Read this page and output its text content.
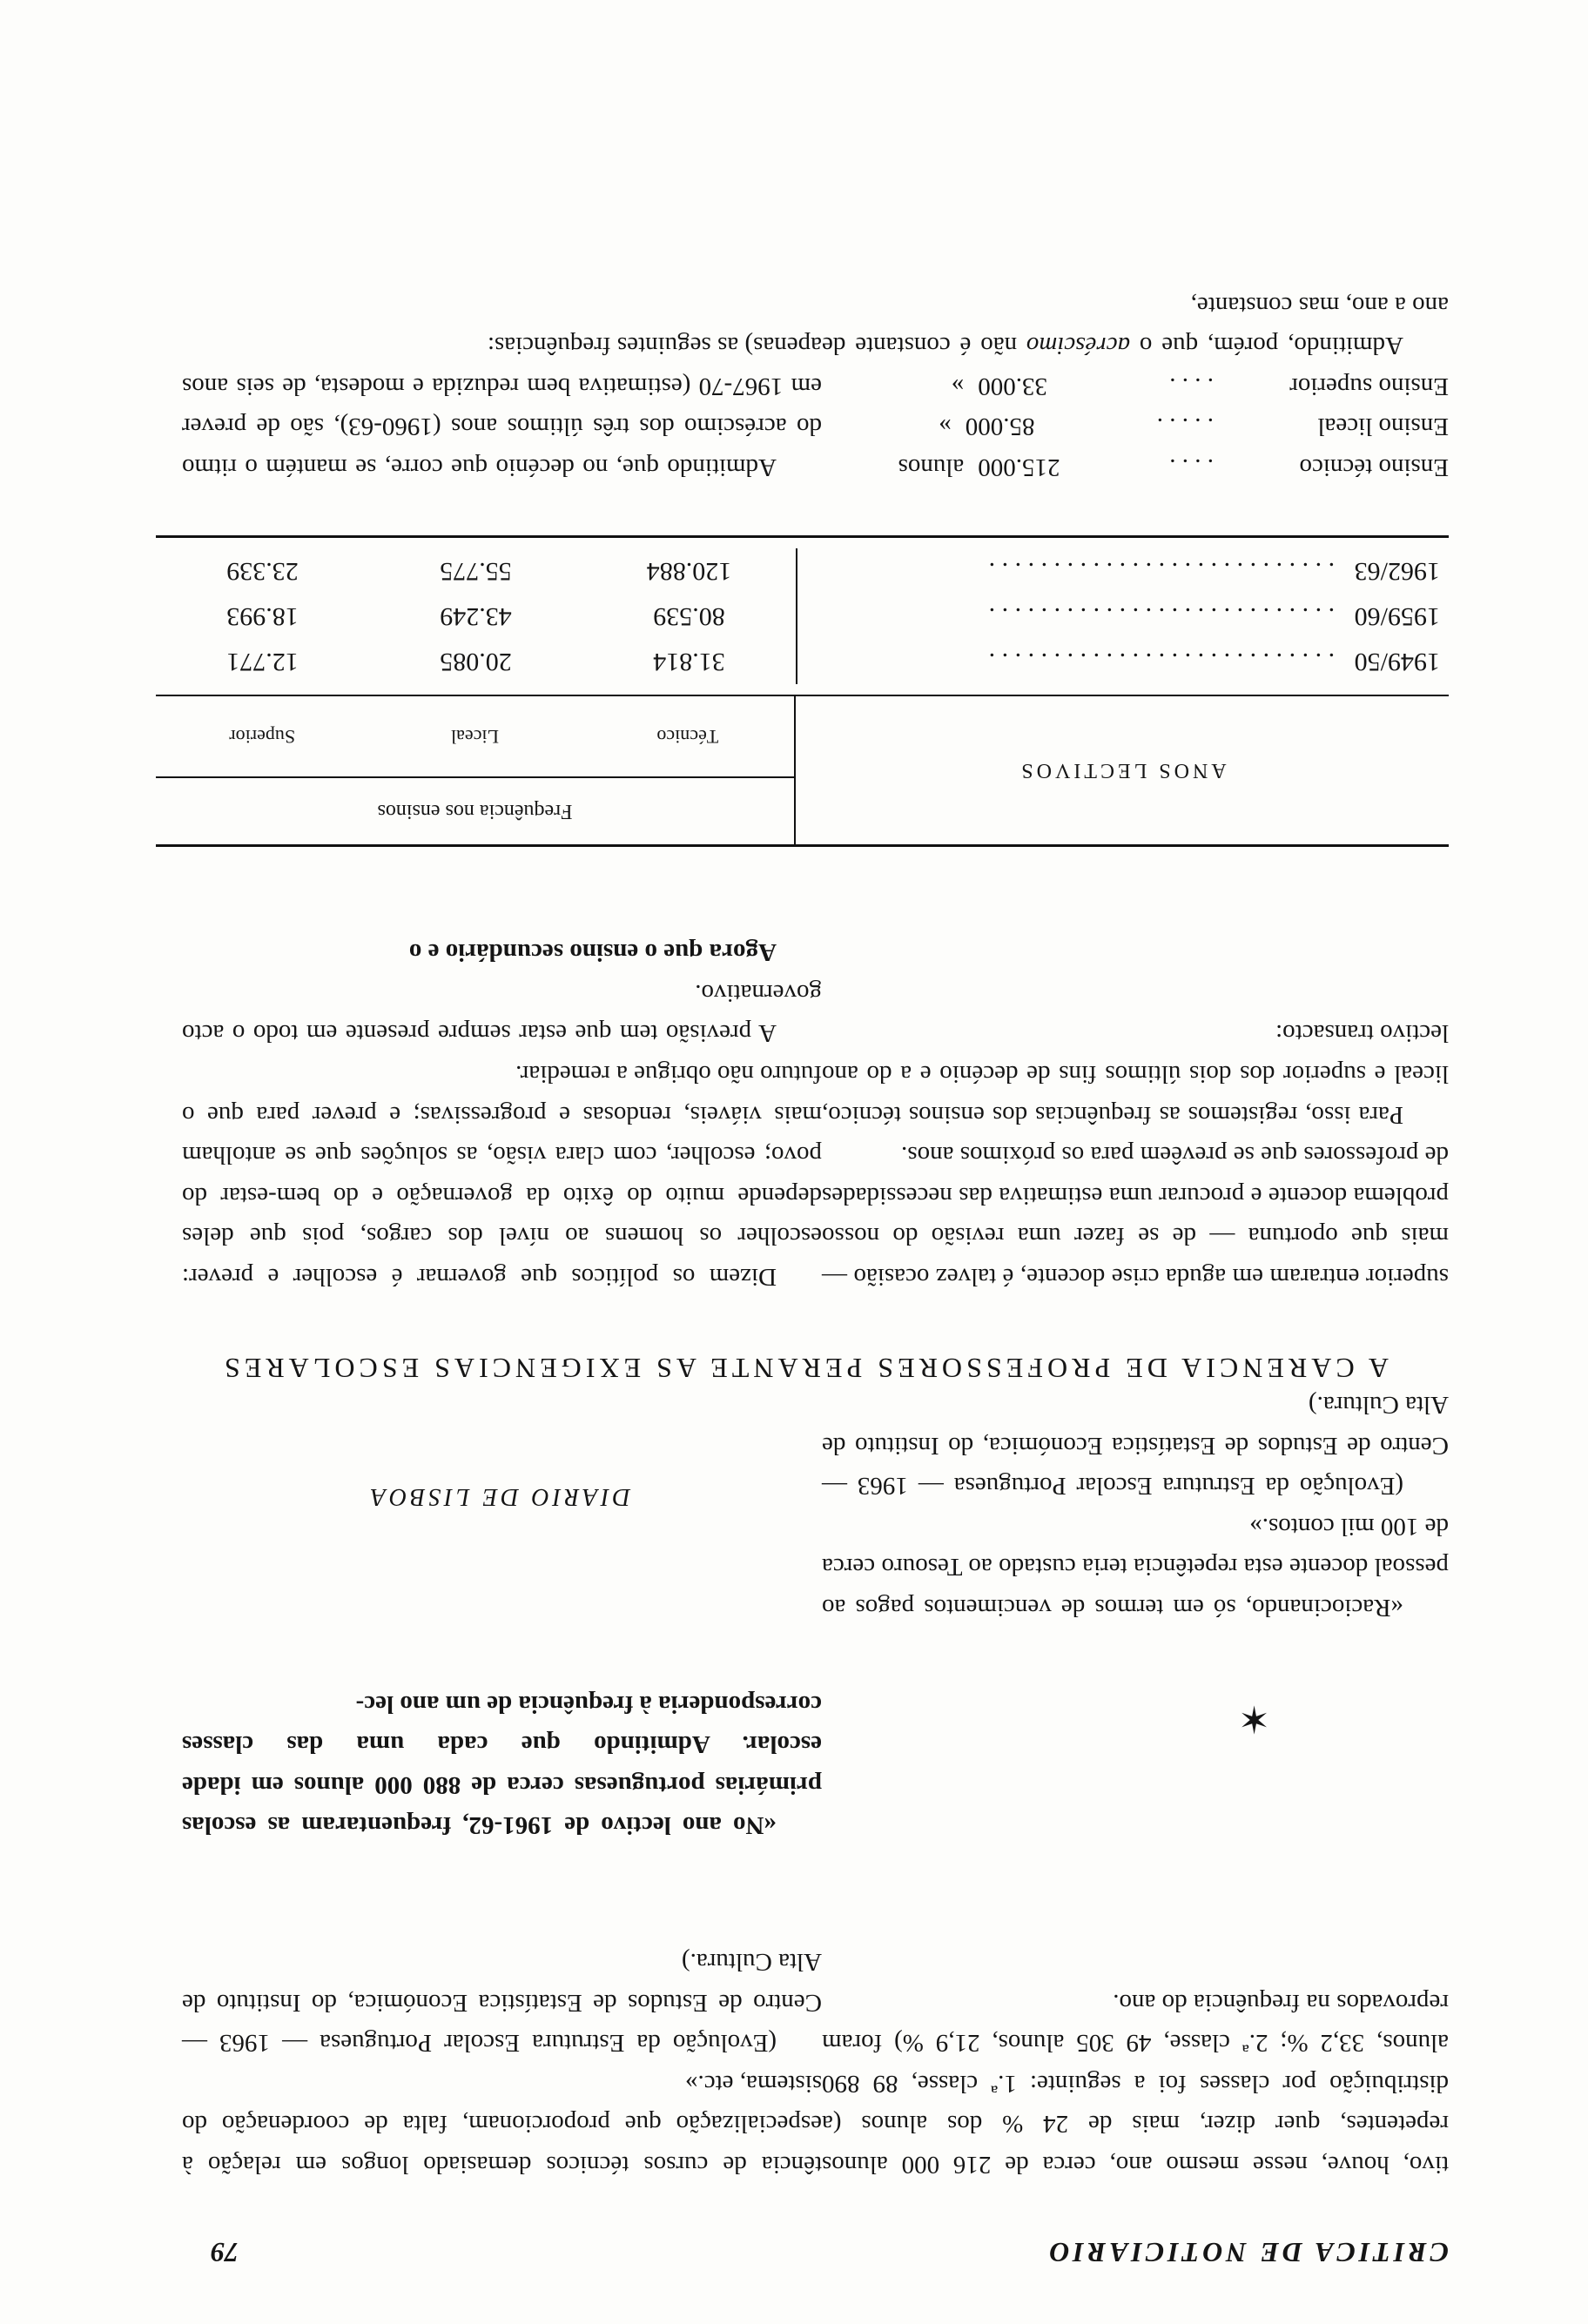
CRITICA DE NOTICIARIO
79

tivo, houve, nesse mesmo ano, cerca de 216 000 alunos repetentes, quer dizer, mais de 24 % dos alunos (a distribuição por classes foi a seguinte: 1.ª classe, 89 890 alunos, 33,2 %; 2.ª classe, 49 305 alunos, 21,9 %) foram reprovados na frequência do ano.

«Raciocinando, só em termos de vencimentos pagos ao pessoal docente esta repetência teria custado ao Tesouro cerca de 100 mil contos.»

(Evolução da Estrutura Escolar Portuguesa — 1963 — Centro de Estudos de Estatística Económica, do Instituto de Alta Cultura.)

tência de cursos técnicos demasiado longos em relação à especialização que proporcionam, falta de coordenação do sistema, etc.»

(Evolução da Estrutura Escolar Portuguesa — 1963 — Centro de Estudos de Estatística Económica, do Instituto de Alta Cultura.)

«No ano lectivo de 1961-62, frequentaram as escolas primárias portuguesas cerca de 880 000 alunos em idade escolar. Admitindo que cada uma das classes corresponderia à frequência de um ano lec-	✶
DIARIO DE LISBOA
A CARENCIA DE PROFESSORES PERANTE AS EXIGENCIAS ESCOLARES

superior entraram em aguda crise docente, é talvez ocasião — mais que oportuna — de se fazer uma revisão do nosso problema docente e procurar uma estimativa das necessidades de professores que se prevêem para os próximos anos.

Para isso, registemos as frequências dos ensinos técnico, liceal e superior dos dois últimos fins de decénio e a do ano lectivo transacto:

Dizem os políticos que governar é escolher e prever: escolher os homens ao nível dos cargos, pois que deles depende muito do êxito da governação e do bem-estar do povo; escolher, com clara visão, as soluções que se antolham mais viáveis, rendosas e progressivas; e prever para que o futuro não obrigue a remediar.

A previsão tem que estar sempre presente em todo o acto governativo.

Agora que o ensino secundário e o

ANOS LECTIVOS
Frequência nos ensinos
Técnico
Liceal
Superior
1949/50   . . . . . . . . . . . . . . . . . . . . . . . . . . .
31.814
20.085
12.771
1959/60   . . . . . . . . . . . . . . . . . . . . . . . . . . .
80.539
43.249
18.993
1962/63   . . . . . . . . . . . . . . . . . . . . . . . . . . .
120.884
55.775
23.339
Ensino técnico
. . . .
215.000
alunos
Ensino liceal
. . . . .
85.000
»
Ensino superior
. . . .
33.000
»

Admitindo, porém, que o acréscimo não é constante de ano a ano, mas constante,

Admitindo que, no decénio que corre, se mantém o ritmo do acréscimo dos três últimos anos (1960-63), são de prever em 1967-70 (estimativa bem reduzida e modesta, de seis anos apenas) as seguintes frequências:
